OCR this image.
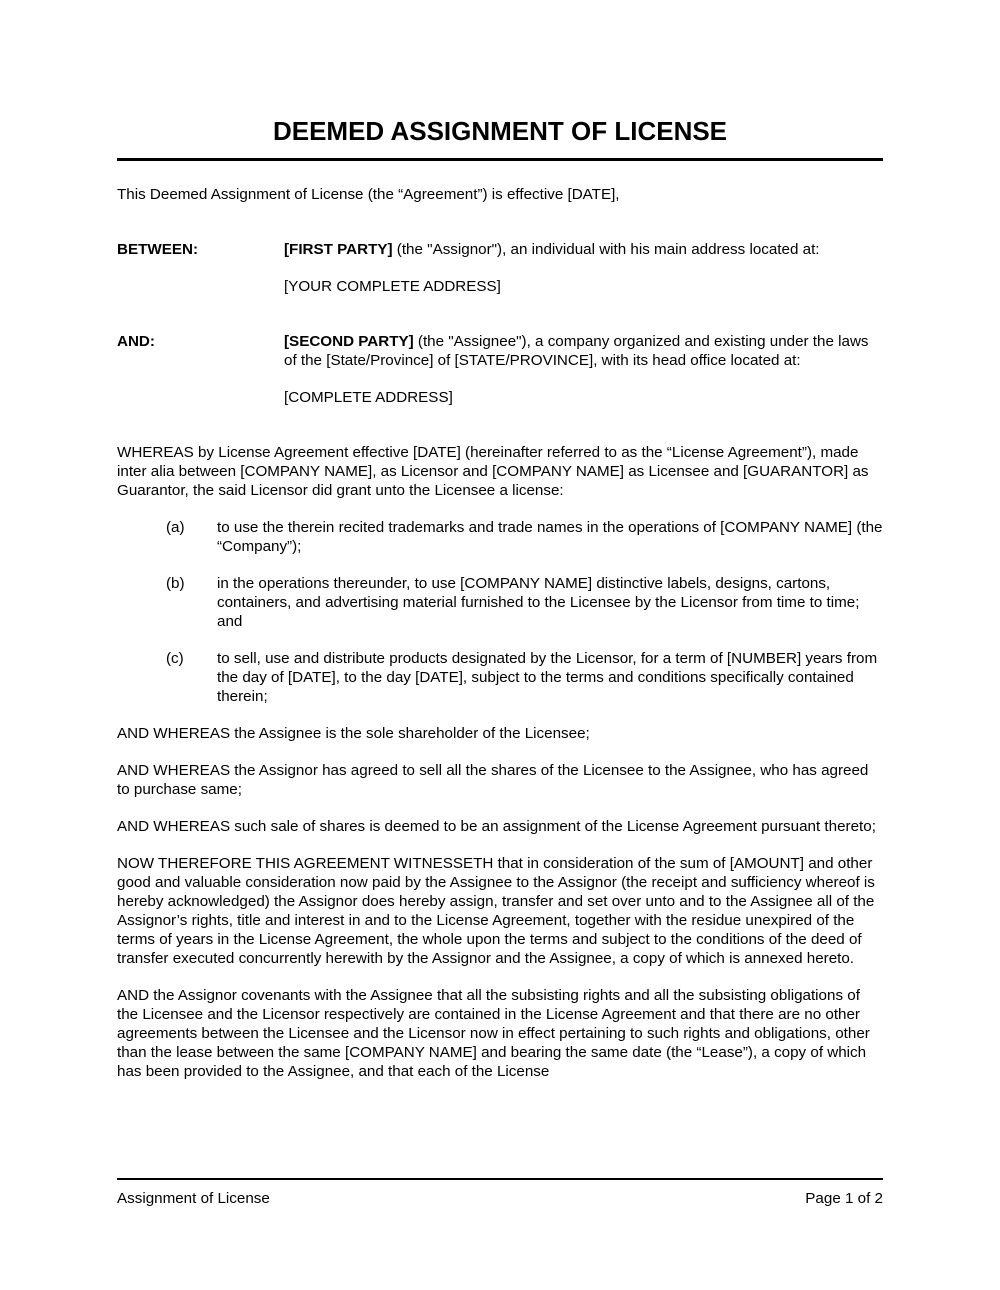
DEEMED ASSIGNMENT OF LICENSE

This Deemed Assignment of License (the “Agreement”) is effective [DATE],

BETWEEN:	[FIRST PARTY] (the "Assignor"), an individual with his main address located at:

[YOUR COMPLETE ADDRESS]

AND:	[SECOND PARTY] (the "Assignee"), a company organized and existing under the laws of the [State/Province] of [STATE/PROVINCE], with its head office located at:

[COMPLETE ADDRESS]

WHEREAS by License Agreement effective [DATE] (hereinafter referred to as the “License Agreement”), made inter alia between [COMPANY NAME], as Licensor and [COMPANY NAME] as Licensee and [GUARANTOR] as Guarantor, the said Licensor did grant unto the Licensee a license:

(a)	to use the therein recited trademarks and trade names in the operations of [COMPANY NAME] (the “Company”);
(b)	in the operations thereunder, to use [COMPANY NAME] distinctive labels, designs, cartons, containers, and advertising material furnished to the Licensee by the Licensor from time to time; and
(c)	to sell, use and distribute products designated by the Licensor, for a term of [NUMBER] years from the day of [DATE], to the day [DATE], subject to the terms and conditions specifically contained therein;

AND WHEREAS the Assignee is the sole shareholder of the Licensee;

AND WHEREAS the Assignor has agreed to sell all the shares of the Licensee to the Assignee, who has agreed to purchase same;

AND WHEREAS such sale of shares is deemed to be an assignment of the License Agreement pursuant thereto;

NOW THEREFORE THIS AGREEMENT WITNESSETH that in consideration of the sum of [AMOUNT] and other good and valuable consideration now paid by the Assignee to the Assignor (the receipt and sufficiency whereof is hereby acknowledged) the Assignor does hereby assign, transfer and set over unto and to the Assignee all of the Assignor’s rights, title and interest in and to the License Agreement, together with the residue unexpired of the terms of years in the License Agreement, the whole upon the terms and subject to the conditions of the deed of transfer executed concurrently herewith by the Assignor and the Assignee, a copy of which is annexed hereto.

AND the Assignor covenants with the Assignee that all the subsisting rights and all the subsisting obligations of the Licensee and the Licensor respectively are contained in the License Agreement and that there are no other agreements between the Licensee and the Licensor now in effect pertaining to such rights and obligations, other than the lease between the same [COMPANY NAME] and bearing the same date (the “Lease”), a copy of which has been provided to the Assignee, and that each of the License

Assignment of License	Page 1 of 2
